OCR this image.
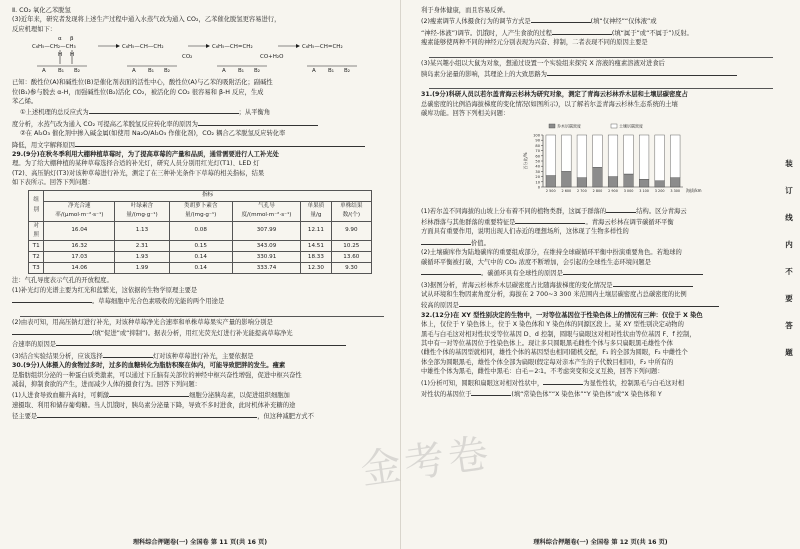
Ⅱ. CO₂ 氧化乙苯脱氢

(3)近年来，研究者发现将上述生产过程中通入水蒸气改为通入 CO₂，乙苯催化脱氢更容易进行，

反应机理如下：

C₆H₅—CH₂—CH₃	C₆H₅—CH—CH₂	C₆H₅—CH=CH₂	C₆H₅—CH=CH₂
α β
H H
A B₁ B₂	A B₁ B₂	A B₁ B₂	A B₁ B₂
CO₂	CO+H₂O

已知：酸性位(A)和碱性位(B)是催化剂表面的活性中心，酸性位(A)与乙苯的吸附活化；副碱性

位(B₁)参与脱去 α-H，而强碱性位(B₂)活化 CO₂，被活化的 CO₂ 很容易和 β-H 反应，生成

苯乙烯。

①上述机理的总反应式为	；从平衡角

度分析，水蒸气改为通入 CO₂ 可提高乙苯脱氢反应转化率的原因为

②在 Al₂O₃ 催化剂中掺入碱金属(如使用 Na₂O/Al₂O₃ 作催化剂)，CO₂ 耦合乙苯脱氢反应转化率

降低，用文字解释原因

29.(9分)在秋冬季利用大棚种植草莓时，为了提高草莓的产量和品质，通常需要进行人工补光处

理。为了给大棚种植的某种草莓选择合适的补光灯，研究人员分别用红光灯(T1)、LED 灯

(T2)、高压钠灯(T3)对该种草莓进行补光，测定了在三种补光条件下草莓的相关指标，结果

如下表所示。回答下列问题：

组别	指标					
	净光合速率/(μmol·m⁻²·s⁻¹)	叶绿素含量/(mg·g⁻¹)	类胡萝卜素含量/(mg·g⁻¹)	气孔导度/(mmol·m⁻²·s⁻¹)	单果质量/g	单株结果数/(个)
对照	16.04	1.13	0.08	307.99	12.11	9.90
T1	16.32	2.31	0.15	343.09	14.51	10.25
T2	17.03	1.93	0.14	330.91	18.33	13.60
T3	14.06	1.99	0.14	333.74	12.30	9.30

注：气孔导度表示气孔的开放程度。

(1)补光灯的光谱主要为红光和蓝紫光，这依据的生物学原理主要是

。草莓细胞中光合色素吸收的光能的两个用途是

(2)由表可知，用高压钠灯进行补光，对该种草莓净光合速率和单株草莓果实产量的影响分别是

(填“促进”或“抑制”)。据表分析，用红光荧光灯进行补光能提高草莓净光

合速率的原因是

(3)结合实验结果分析，应该选择	灯对该种草莓进行补光，主要依据是

30.(9分)人体摄入的食物过多时，过多的血糖转化为脂肪积聚在体内，可能导致肥胖的发生。瘦素

是脂肪组织分泌的一种蛋白质类激素，可以通过下丘脑有关部位的神经中枢兴奋性增强，促进中枢兴奋性

减弱，抑制食欲的产生，进而减少人体的摄食行为。回答下列问题：

(1)人进食导致血糖升高时，可刺激	细胞分泌胰岛素，以促进组织细胞加

速摄取、利用和储存葡萄糖。当人饥饿时，胰岛素分泌量下降，导致不多时进食，此时机体补充糖的途

径主要是	，但这种减肥方式不

理科综合押题卷(一) 全国卷 第 11 页(共 16 页)

利于身体健康，而且容易反弹。

(2)瘦素调节人体摄食行为的调节方式是	(填“仅神经”“仅体液”或

“神经-体液”)调节。饥饿时，人产生食欲的过程	(填“属于”或“不属于”)反射。

瘦素能够使两种不同的神经元分别表现为兴奋、抑制，二者表现不同的原因主要是

(3)某兴趣小组以大鼠为对象，想通过设置一个实验组来探究 X 溶液的瘦素溶液对进食后

胰岛素分泌量的影响，其理论上的大致思路为

31.(9分)科研人员以若尔盖青海云杉林为研究对象，测定了青海云杉林乔木层和土壤层碳密度占

总碳密度的比例沿海拔梯度的变化情况(如图所示)，以了解若尔盖青海云杉林生态系统的土壤

碳库功能。回答下列相关问题：

0
10
20
30
40
50
60
70
80
90
100
百分比/%
2 500 2 600 2 700 2 800 2 900 3 000 3 100 3 200 3 300 海拔/km
乔木层碳密度	土壤层碳密度

(1)若尔盖不同海拔的山坡上分布着不同的植物类群，这属于群落的	结构。区分青海云

杉林群落与其他群落的重要特征是	。青海云杉林在调节碳循环平衡

方面具有重要作用，说明出现人们赤近的理想场所，这体现了生物多样性的

价值。

(2)土壤碳库作为陆地碳库的重要组成部分，在维持全球碳循环平衡中扮演重要角色。若地球的

碳循环平衡被打破，大气中的 CO₂ 浓度不断增加，会引起的全球性生态环境问题是

。碳循环具有全球性的原因是

(3)据图分析，青海云杉林乔木层碳密度占比随海拔梯度的变化情况是

试从环境和生物因素角度分析，海拔在 2 700~3 300 米范围内土壤层碳密度占总碳密度的比例

较高的原因是

32.(12分)在 XY 型性别决定的生物中，一对等位基因位于性染色体上的情况有三种：仅位于 X 染色

体上，仅位于 Y 染色体上，位于 X 染色体和 Y 染色体的同源区段上。某 XY 型性别决定动物的

黑毛与白毛这对相对性状受等位基因 D、d 控制，圆眼与扁眼这对相对性状由等位基因 F、f 控制，

其中有一对等位基因位于性染色体上。现让多只圆眼黑毛雌性个体与多只扁眼黑毛雄性个体

(雌性个体的基因型就相同，雄性个体的基因型也相同)随机交配，F₁ 的全部为圆眼，F₂ 中雌性个

体全部为圆眼黑毛，雄性个体全部为扁眼(假定每对亲本产生的子代数目相同)，F₂ 中所有的

中雄性个体为黑毛，雌性中黑毛：白毛＝2∶1。不考虑突变和交叉互换，回答下列问题：

(1)分析可知，圆眼和扁眼这对相对性状中，	为显性性状，控制黑毛与白毛这对相

对性状的基因位于	(填“常染色体”“X 染色体”“Y 染色体”或“X 染色体和 Y

装
订
线
内
不
要
答
题
理科综合押题卷(一) 全国卷 第 12 页(共 16 页)
金考卷
